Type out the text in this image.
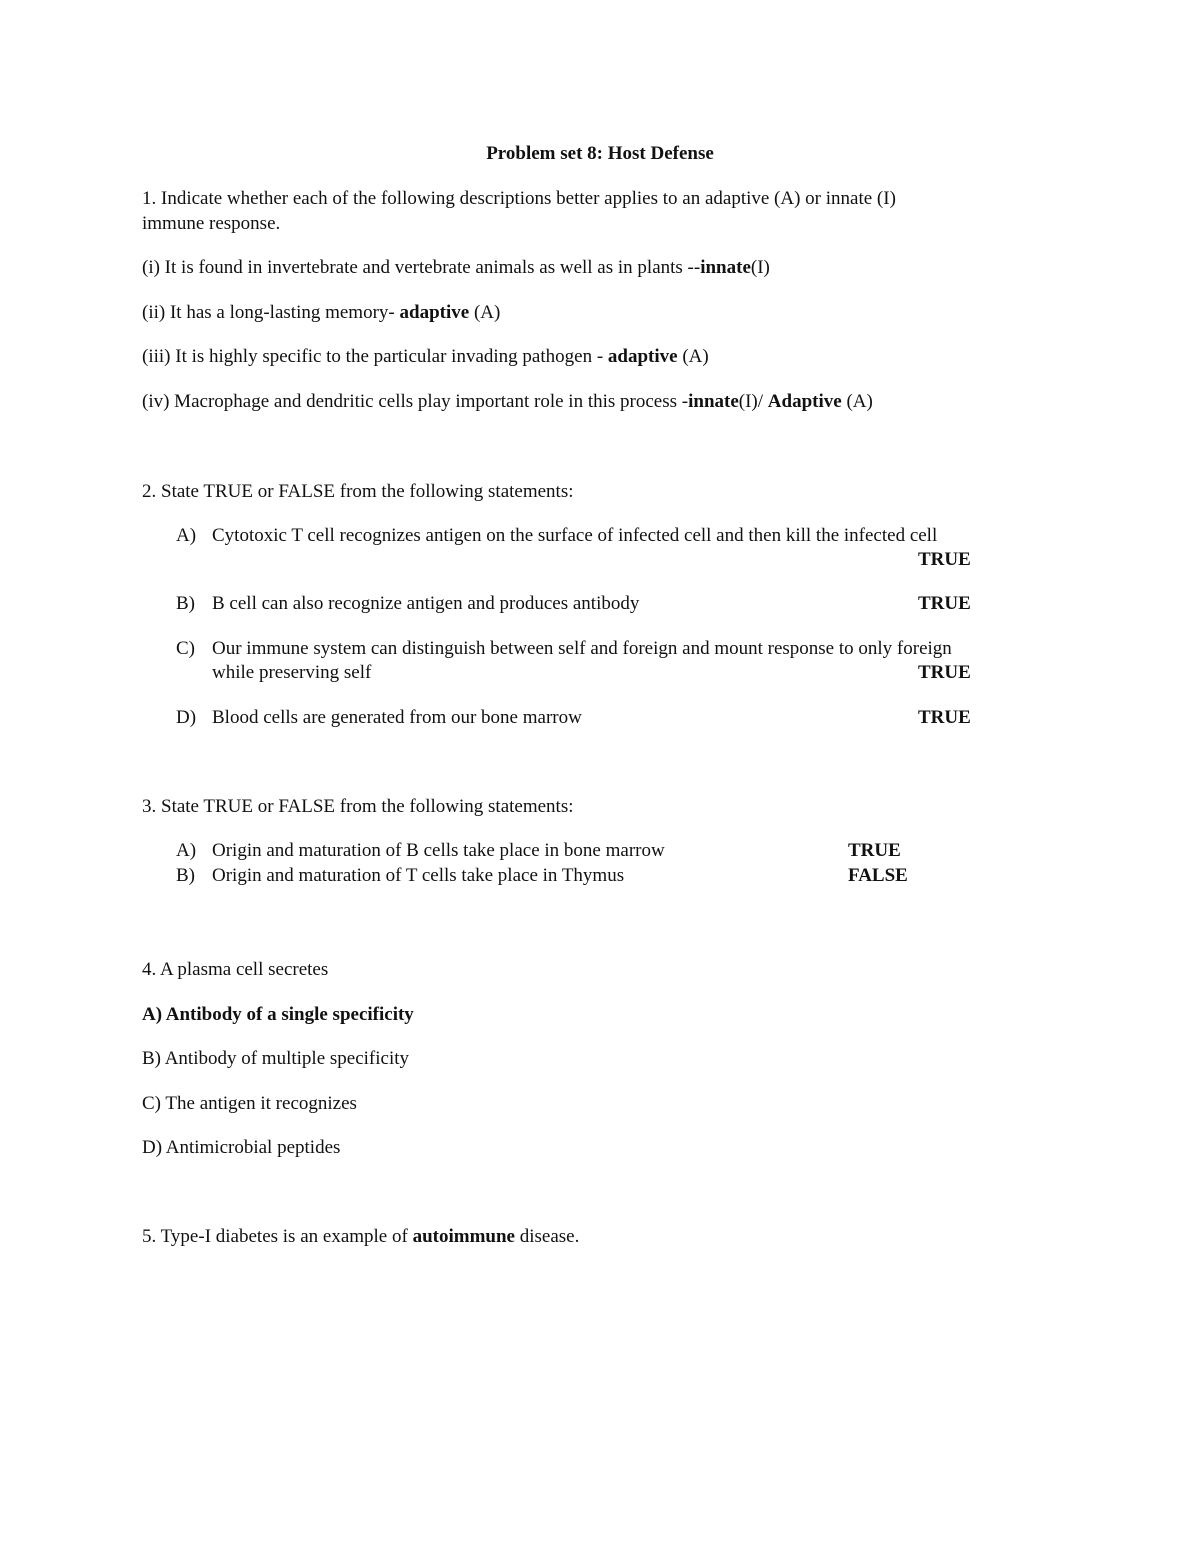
Problem set 8: Host Defense
1. Indicate whether each of the following descriptions better applies to an adaptive (A) or innate (I)
immune response.
(i) It is found in invertebrate and vertebrate animals as well as in plants --innate(I)
(ii) It has a long-lasting memory- adaptive (A)
(iii) It is highly specific to the particular invading pathogen - adaptive (A)
(iv) Macrophage and dendritic cells play important role in this process -innate(I)/ Adaptive (A)
2. State TRUE or FALSE from the following statements:
A) Cytotoxic T cell recognizes antigen on the surface of infected cell and then kill the infected cell
TRUE
B) B cell can also recognize antigen and produces antibody	TRUE
C) Our immune system can distinguish between self and foreign and mount response to only foreign
while preserving self	TRUE
D) Blood cells are generated from our bone marrow	TRUE
3. State TRUE or FALSE from the following statements:
A) Origin and maturation of B cells take place in bone marrow	TRUE
B) Origin and maturation of T cells take place in Thymus	FALSE
4. A plasma cell secretes
A) Antibody of a single specificity
B) Antibody of multiple specificity
C) The antigen it recognizes
D) Antimicrobial peptides
5. Type-I diabetes is an example of autoimmune disease.
